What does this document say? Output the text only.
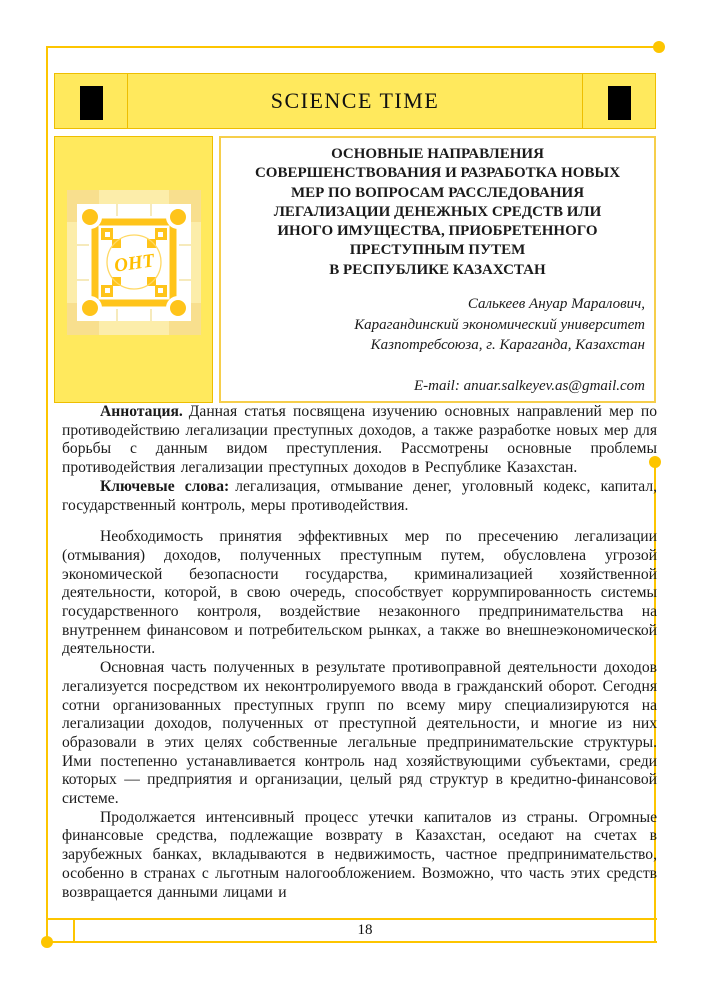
SCIENCE TIME
ОНТ
ОСНОВНЫЕ НАПРАВЛЕНИЯ
СОВЕРШЕНСТВОВАНИЯ И РАЗРАБОТКА НОВЫХ
МЕР ПО ВОПРОСАМ РАССЛЕДОВАНИЯ
ЛЕГАЛИЗАЦИИ ДЕНЕЖНЫХ СРЕДСТВ ИЛИ
ИНОГО ИМУЩЕСТВА, ПРИОБРЕТЕННОГО
ПРЕСТУПНЫМ ПУТЕМ
В РЕСПУБЛИКЕ КАЗАХСТАН
Салькеев Ануар Маралович,
Карагандинский экономический университет
Казпотребсоюза, г. Караганда, Казахстан
E-mail: anuar.salkeyev.as@gmail.com

Аннотация. Данная статья посвящена изучению основных направлений мер по противодействию легализации преступных доходов, а также разработке новых мер для борьбы с данным видом преступления. Рассмотрены основные проблемы противодействия легализации преступных доходов в Республике Казахстан.

Ключевые слова: легализация, отмывание денег, уголовный кодекс, капитал, государственный контроль, меры противодействия.

Необходимость принятия эффективных мер по пресечению легализации (отмывания) доходов, полученных преступным путем, обусловлена угрозой экономической безопасности государства, криминализацией хозяйственной деятельности, которой, в свою очередь, способствует коррумпированность системы государственного контроля, воздействие незаконного предпринимательства на внутреннем финансовом и потребительском рынках, а также во внешнеэкономической деятельности.

Основная часть полученных в результате противоправной деятельности доходов легализуется посредством их неконтролируемого ввода в гражданский оборот. Сегодня сотни организованных преступных групп по всему миру специализируются на легализации доходов, полученных от преступной деятельности, и многие из них образовали в этих целях собственные легальные предпринимательские структуры. Ими постепенно устанавливается контроль над хозяйствующими субъектами, среди которых — предприятия и организации, целый ряд структур в кредитно-финансовой системе.

Продолжается интенсивный процесс утечки капиталов из страны. Огромные финансовые средства, подлежащие возврату в Казахстан, оседают на счетах в зарубежных банках, вкладываются в недвижимость, частное предпринимательство, особенно в странах с льготным налогообложением. Возможно, что часть этих средств возвращается данными лицами и

18
